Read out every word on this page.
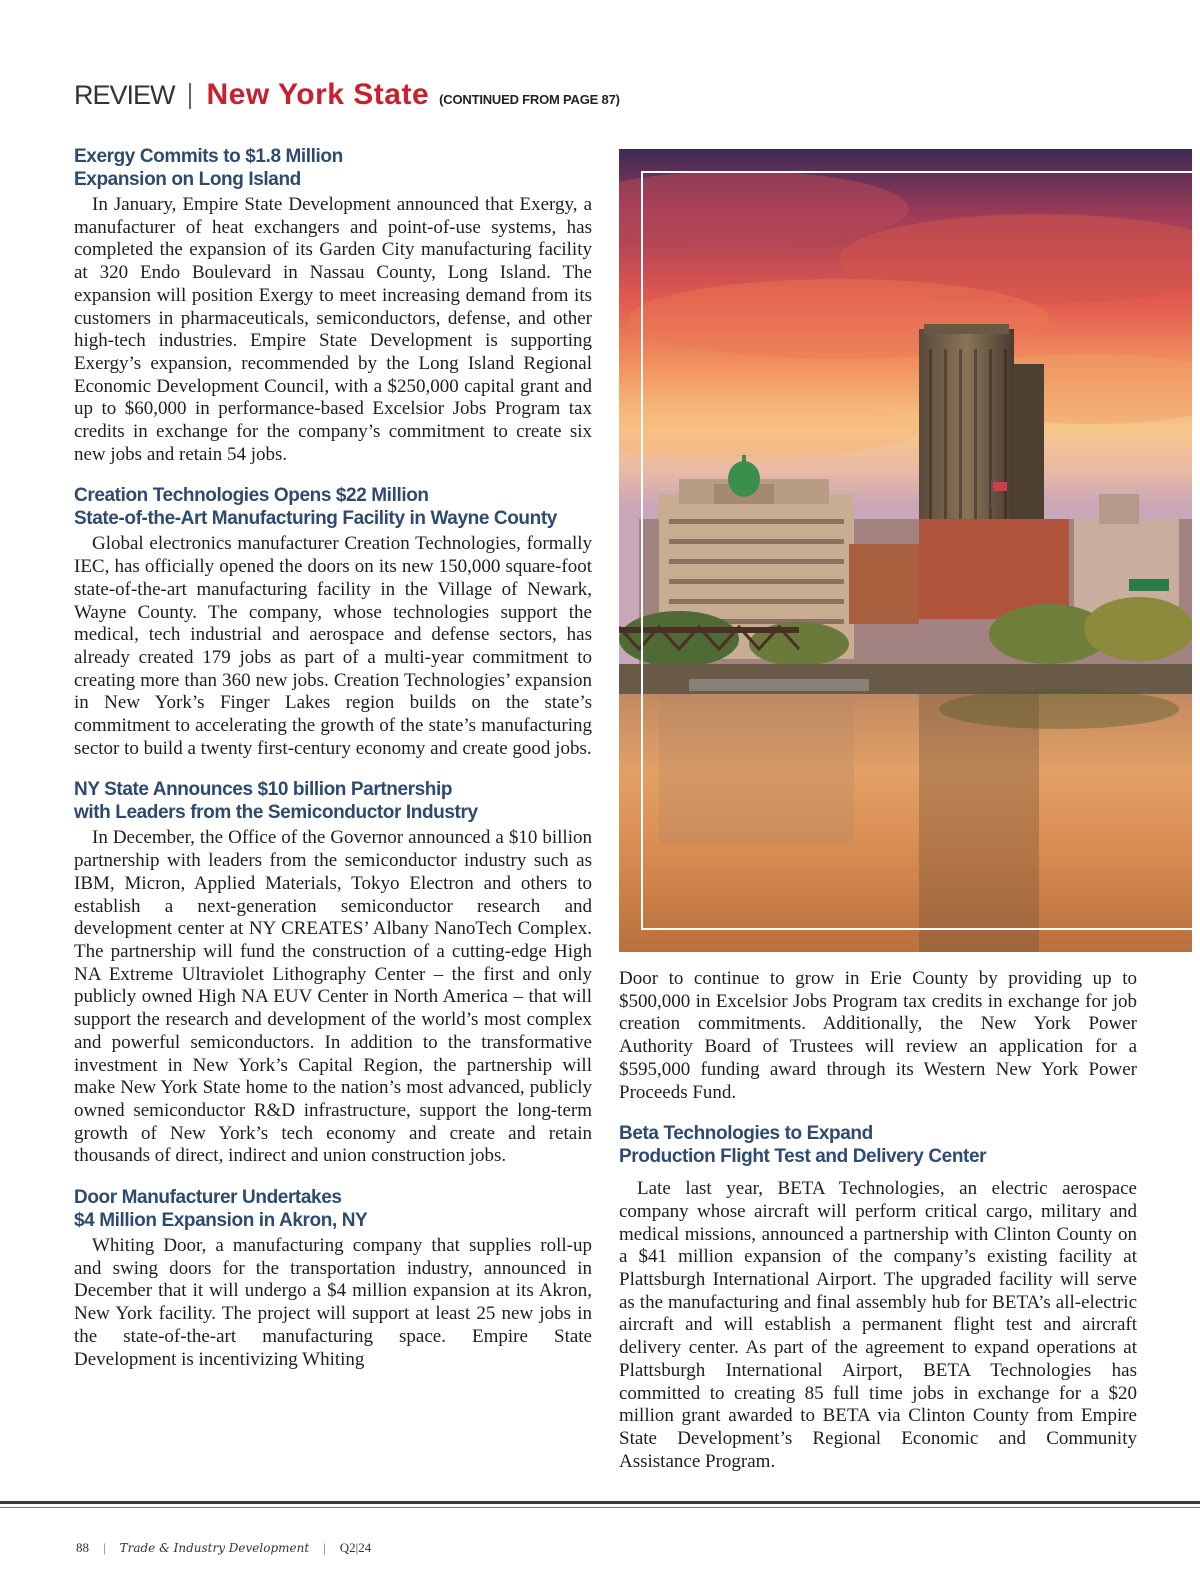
REVIEW New York State (CONTINUED FROM PAGE 87)
Exergy Commits to $1.8 Million
Expansion on Long Island

In January, Empire State Development announced that Exergy, a manufacturer of heat exchangers and point-of-use systems, has completed the expansion of its Garden City manufacturing facility at 320 Endo Boulevard in Nassau County, Long Island. The expansion will position Exergy to meet increasing demand from its customers in pharmaceuticals, semiconductors, defense, and other high-tech industries. Empire State Development is supporting Exergy’s expansion, recommended by the Long Island Regional Economic Development Council, with a $250,000 capital grant and up to $60,000 in performance-based Excelsior Jobs Program tax credits in exchange for the company’s commitment to create six new jobs and retain 54 jobs.

Creation Technologies Opens $22 Million
State-of-the-Art Manufacturing Facility in Wayne County

Global electronics manufacturer Creation Technologies, formally IEC, has officially opened the doors on its new 150,000 square-foot state-of-the-art manufacturing facility in the Village of Newark, Wayne County. The company, whose technologies support the medical, tech industrial and aerospace and defense sectors, has already created 179 jobs as part of a multi-year commitment to creating more than 360 new jobs. Creation Technologies’ expansion in New York’s Finger Lakes region builds on the state’s commitment to accelerating the growth of the state’s manufacturing sector to build a twenty first-century economy and create good jobs.

NY State Announces $10 billion Partnership
with Leaders from the Semiconductor Industry

In December, the Office of the Governor announced a $10 billion partnership with leaders from the semiconductor industry such as IBM, Micron, Applied Materials, Tokyo Electron and others to establish a next-generation semiconductor research and development center at NY CREATES’ Albany NanoTech Complex. The partnership will fund the construction of a cutting-edge High NA Extreme Ultraviolet Lithography Center – the first and only publicly owned High NA EUV Center in North America – that will support the research and development of the world’s most complex and powerful semiconductors. In addition to the transformative investment in New York’s Capital Region, the partnership will make New York State home to the nation’s most advanced, publicly owned semiconductor R&D infrastructure, support the long-term growth of New York’s tech economy and create and retain thousands of direct, indirect and union construction jobs.

Door Manufacturer Undertakes
$4 Million Expansion in Akron, NY

Whiting Door, a manufacturing company that supplies roll-up and swing doors for the transportation industry, announced in December that it will undergo a $4 million expansion at its Akron, New York facility. The project will support at least 25 new jobs in the state-of-the-art manufacturing space. Empire State Development is incentivizing Whiting

Door to continue to grow in Erie County by providing up to $500,000 in Excelsior Jobs Program tax credits in exchange for job creation commitments. Additionally, the New York Power Authority Board of Trustees will review an application for a $595,000 funding award through its Western New York Power Proceeds Fund.

Beta Technologies to Expand
Production Flight Test and Delivery Center

Late last year, BETA Technologies, an electric aerospace company whose aircraft will perform critical cargo, military and medical missions, announced a partnership with Clinton County on a $41 million expansion of the company’s existing facility at Plattsburgh International Airport. The upgraded facility will serve as the manufacturing and final assembly hub for BETA’s all-electric aircraft and will establish a permanent flight test and aircraft delivery center. As part of the agreement to expand operations at Plattsburgh International Airport, BETA Technologies has committed to creating 85 full time jobs in exchange for a $20 million grant awarded to BETA via Clinton County from Empire State Development’s Regional Economic and Community Assistance Program.

88 | Trade & Industry Development | Q2|24
